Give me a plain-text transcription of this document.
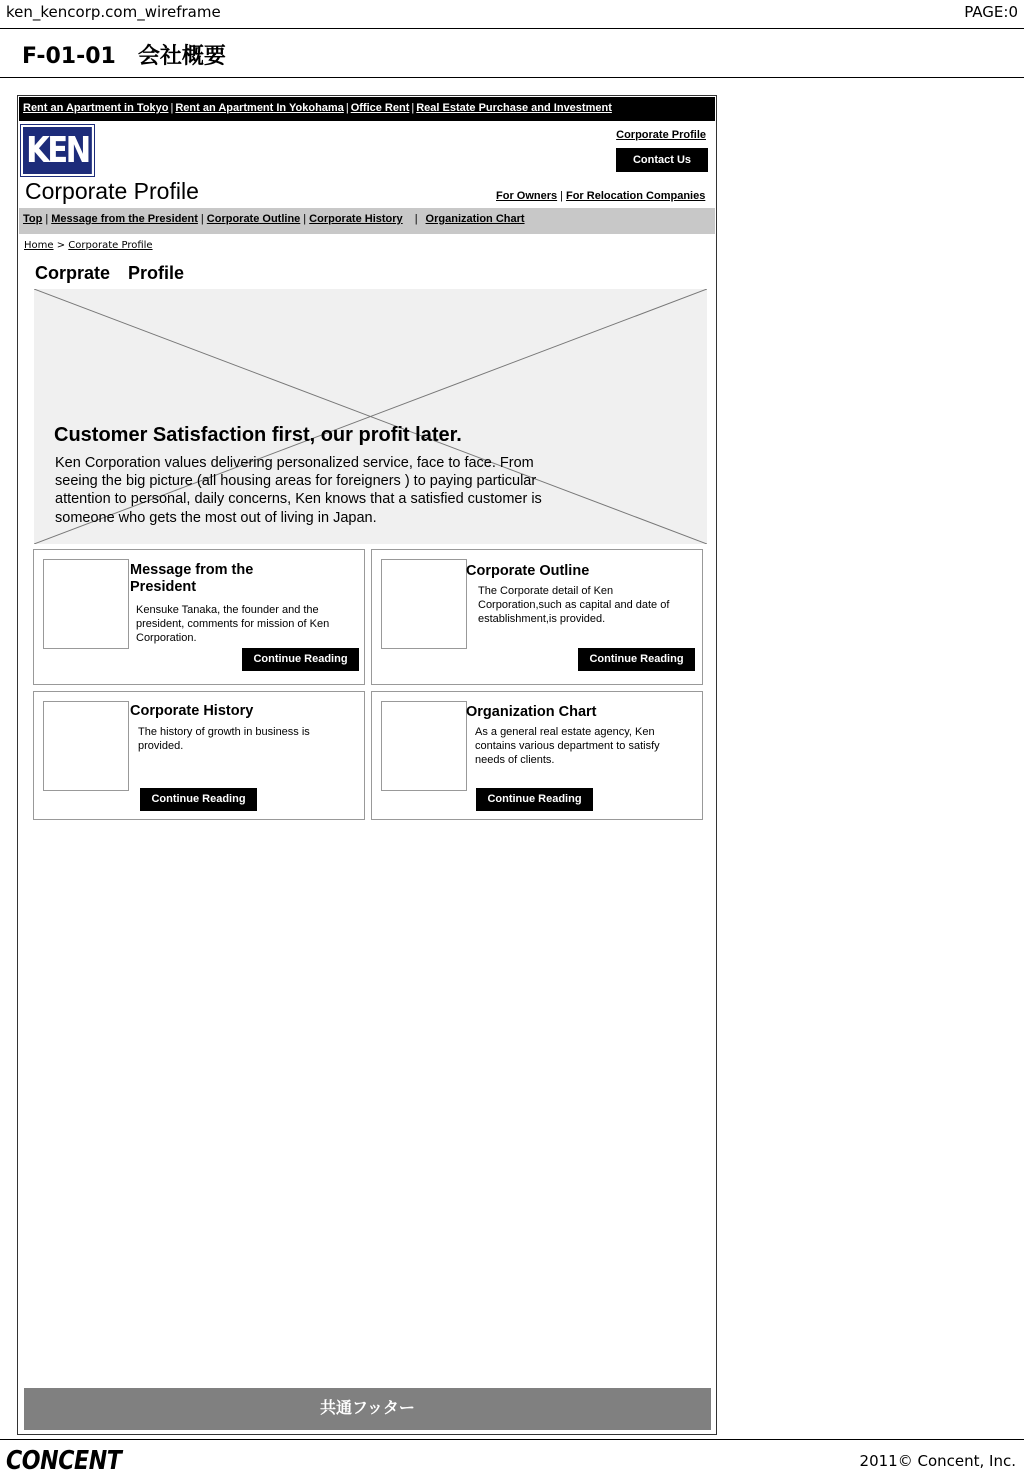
ken_kencorp.com_wireframe	PAGE:0
F-01-01　会社概要
Rent an Apartment in Tokyo | Rent an Apartment In Yokohama | Office Rent | Real Estate Purchase and Investment
KEN	Corporate Profile
Contact Us
Corporate Profile	For Owners | For Relocation Companies
Top | Message from the President | Corporate Outline | Corporate History | Organization Chart
Home > Corporate Profile
Corprate　Profile
Customer Satisfaction first, our profit later.
Ken Corporation values delivering personalized service, face to face. From seeing the big picture (all housing areas for foreigners ) to paying particular attention to personal, daily concerns, Ken knows that a satisfied customer is someone who gets the most out of living in Japan.
Message from the President
Kensuke Tanaka, the founder and the president, comments for mission of Ken Corporation.
Continue Reading
Corporate Outline
The Corporate detail of Ken Corporation,such as capital and date of establishment,is provided.
Continue Reading
Corporate History
The history of growth in business is provided.
Continue Reading
Organization Chart
As a general real estate agency, Ken contains various department to satisfy needs of clients.
Continue Reading
共通フッター
CONCENT	2011© Concent, Inc.
